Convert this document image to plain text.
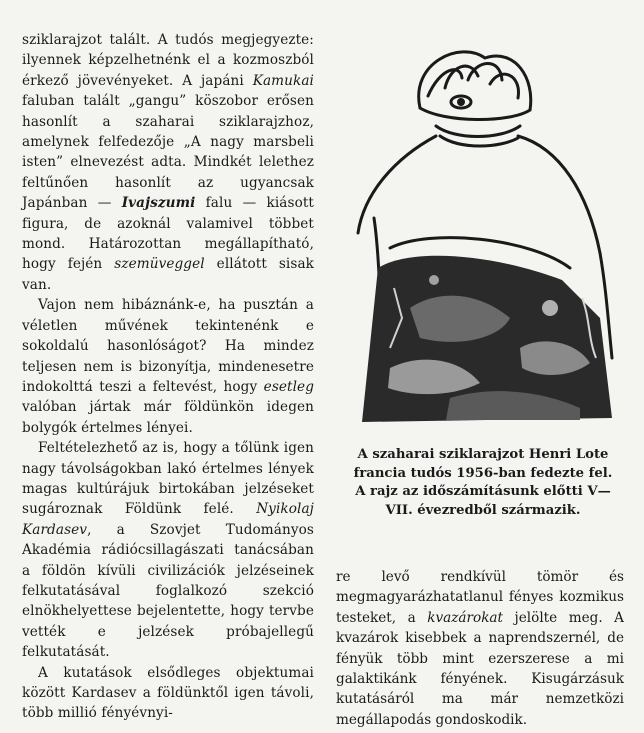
sziklarajzot talált. A tudós megjegyezte: ilyennek képzelhetnénk el a kozmoszból érkező jövevényeket. A japáni Kamukai faluban talált „gangu” köszobor erősen hasonlít a szaharai sziklarajzhoz, amelynek felfedezője „A nagy marsbeli isten” elnevezést adta. Mindkét lelethez feltűnően hasonlít az ugyancsak Japánban — Ivajszumi falu — kiásott figura, de azoknál valamivel többet mond. Határozottan megállapítható, hogy fején szemüveggel ellátott sisak van.

Vajon nem hibáznánk-e, ha pusztán a véletlen művének tekintenénk e sokoldalú hasonlóságot? Ha mindez teljesen nem is bizonyítja, mindenesetre indokolttá teszi a feltevést, hogy esetleg valóban jártak már földünkön idegen bolygók értelmes lényei.

Feltételezhető az is, hogy a tőlünk igen nagy távolságokban lakó értelmes lények magas kultúrájuk birtokában jelzéseket sugároznak Földünk felé. Nyikolaj Kardasev, a Szovjet Tudományos Akadémia rádiócsillagászati tanácsában a földön kívüli civilizációk jelzéseinek felkutatásával foglalkozó szekció elnökhelyettese bejelentette, hogy tervbe vették e jelzések próbajellegű felkutatását.

A kutatások elsődleges objektumai között Kardasev a földünktől igen távoli, több millió fényévnyi-

A szaharai sziklarajzot Henri Lote francia tudós 1956-ban fedezte fel. A rajz az időszámításunk előtti V—VII. évezredből származik.

re levő rendkívül tömör és megmagyarázhatatlanul fényes kozmikus testeket, a kvazárokat jelölte meg. A kvazárok kisebbek a naprendszernél, de fényük több mint ezerszerese a mi galaktikánk fényének. Kisugárzásuk kutatásáról ma már nemzetközi megállapodás gondoskodik.
